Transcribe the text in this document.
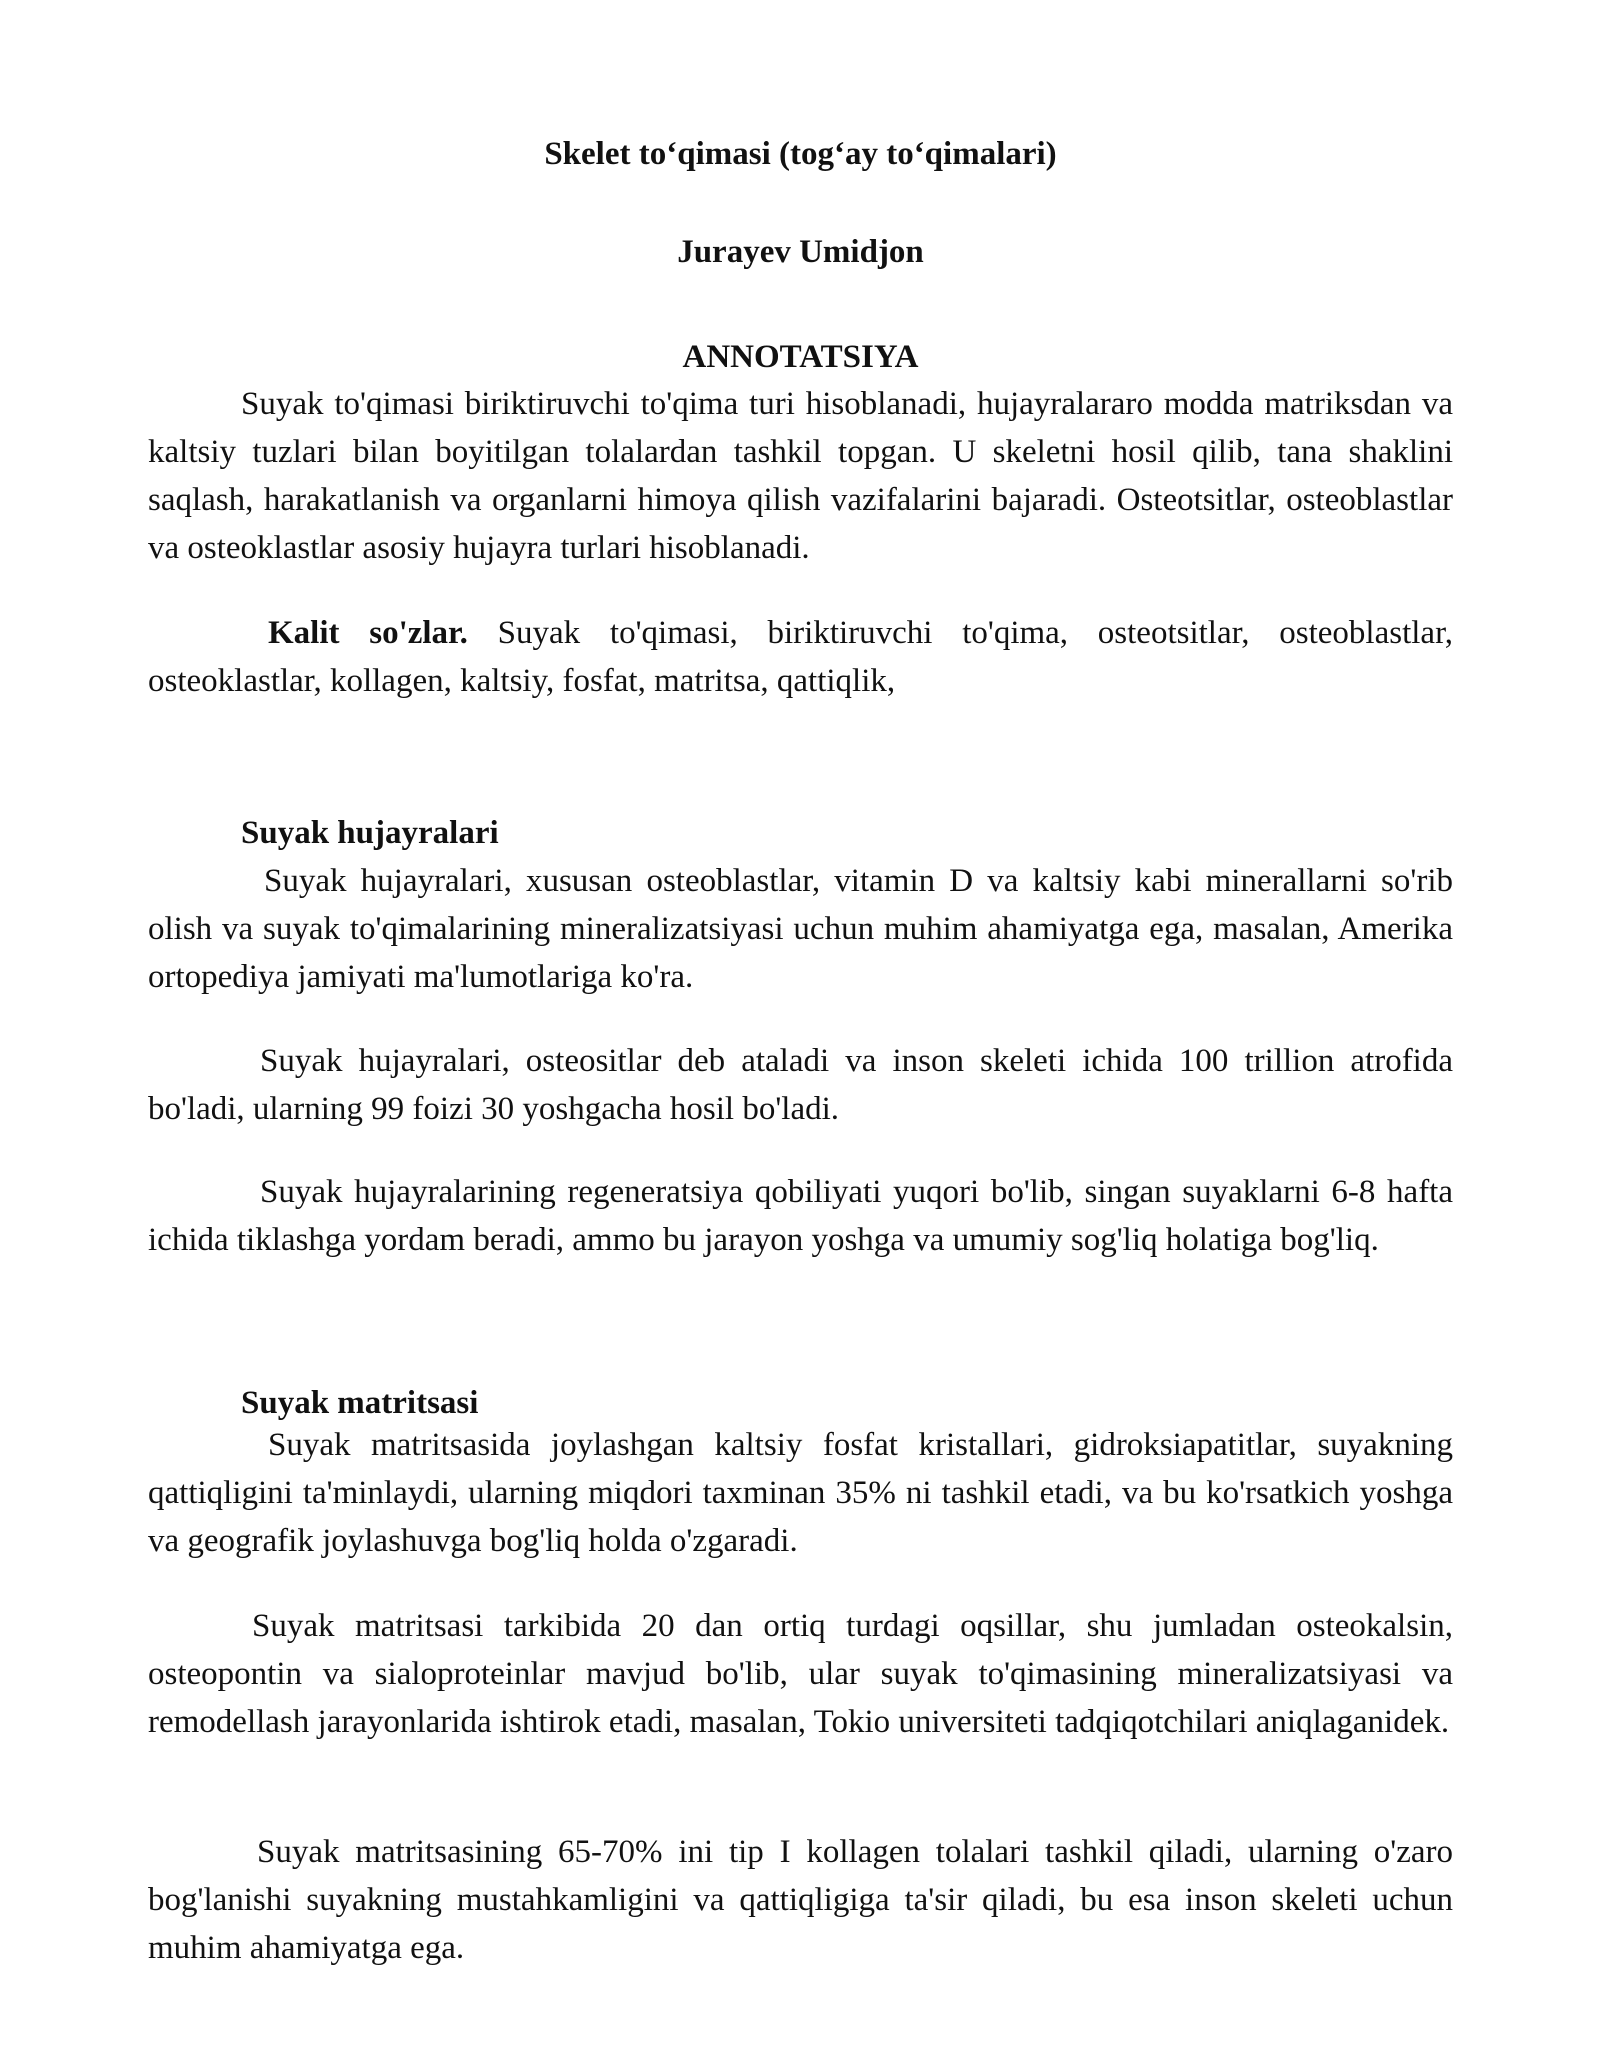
Skelet to‘qimasi (tog‘ay to‘qimalari)
Jurayev Umidjon
ANNOTATSIYA

Suyak to'qimasi biriktiruvchi to'qima turi hisoblanadi, hujayralararo modda matriksdan va kaltsiy tuzlari bilan boyitilgan tolalardan tashkil topgan. U skeletni hosil qilib, tana shaklini saqlash, harakatlanish va organlarni himoya qilish vazifalarini bajaradi. Osteotsitlar, osteoblastlar va osteoklastlar asosiy hujayra turlari hisoblanadi.

Kalit so'zlar. Suyak to'qimasi, biriktiruvchi to'qima, osteotsitlar, osteoblastlar, osteoklastlar, kollagen, kaltsiy, fosfat, matritsa, qattiqlik,

Suyak hujayralari

Suyak hujayralari, xususan osteoblastlar, vitamin D va kaltsiy kabi minerallarni so'rib olish va suyak to'qimalarining mineralizatsiyasi uchun muhim ahamiyatga ega, masalan, Amerika ortopediya jamiyati ma'lumotlariga ko'ra.

Suyak hujayralari, osteositlar deb ataladi va inson skeleti ichida 100 trillion atrofida bo'ladi, ularning 99 foizi 30 yoshgacha hosil bo'ladi.

Suyak hujayralarining regeneratsiya qobiliyati yuqori bo'lib, singan suyaklarni 6-8 hafta ichida tiklashga yordam beradi, ammo bu jarayon yoshga va umumiy sog'liq holatiga bog'liq.

Suyak matritsasi

Suyak matritsasida joylashgan kaltsiy fosfat kristallari, gidroksiapatitlar, suyakning qattiqligini ta'minlaydi, ularning miqdori taxminan 35% ni tashkil etadi, va bu ko'rsatkich yoshga va geografik joylashuvga bog'liq holda o'zgaradi.

Suyak matritsasi tarkibida 20 dan ortiq turdagi oqsillar, shu jumladan osteokalsin, osteopontin va sialoproteinlar mavjud bo'lib, ular suyak to'qimasining mineralizatsiyasi va remodellash jarayonlarida ishtirok etadi, masalan, Tokio universiteti tadqiqotchilari aniqlaganidek.

Suyak matritsasining 65-70% ini tip I kollagen tolalari tashkil qiladi, ularning o'zaro bog'lanishi suyakning mustahkamligini va qattiqligiga ta'sir qiladi, bu esa inson skeleti uchun muhim ahamiyatga ega.
